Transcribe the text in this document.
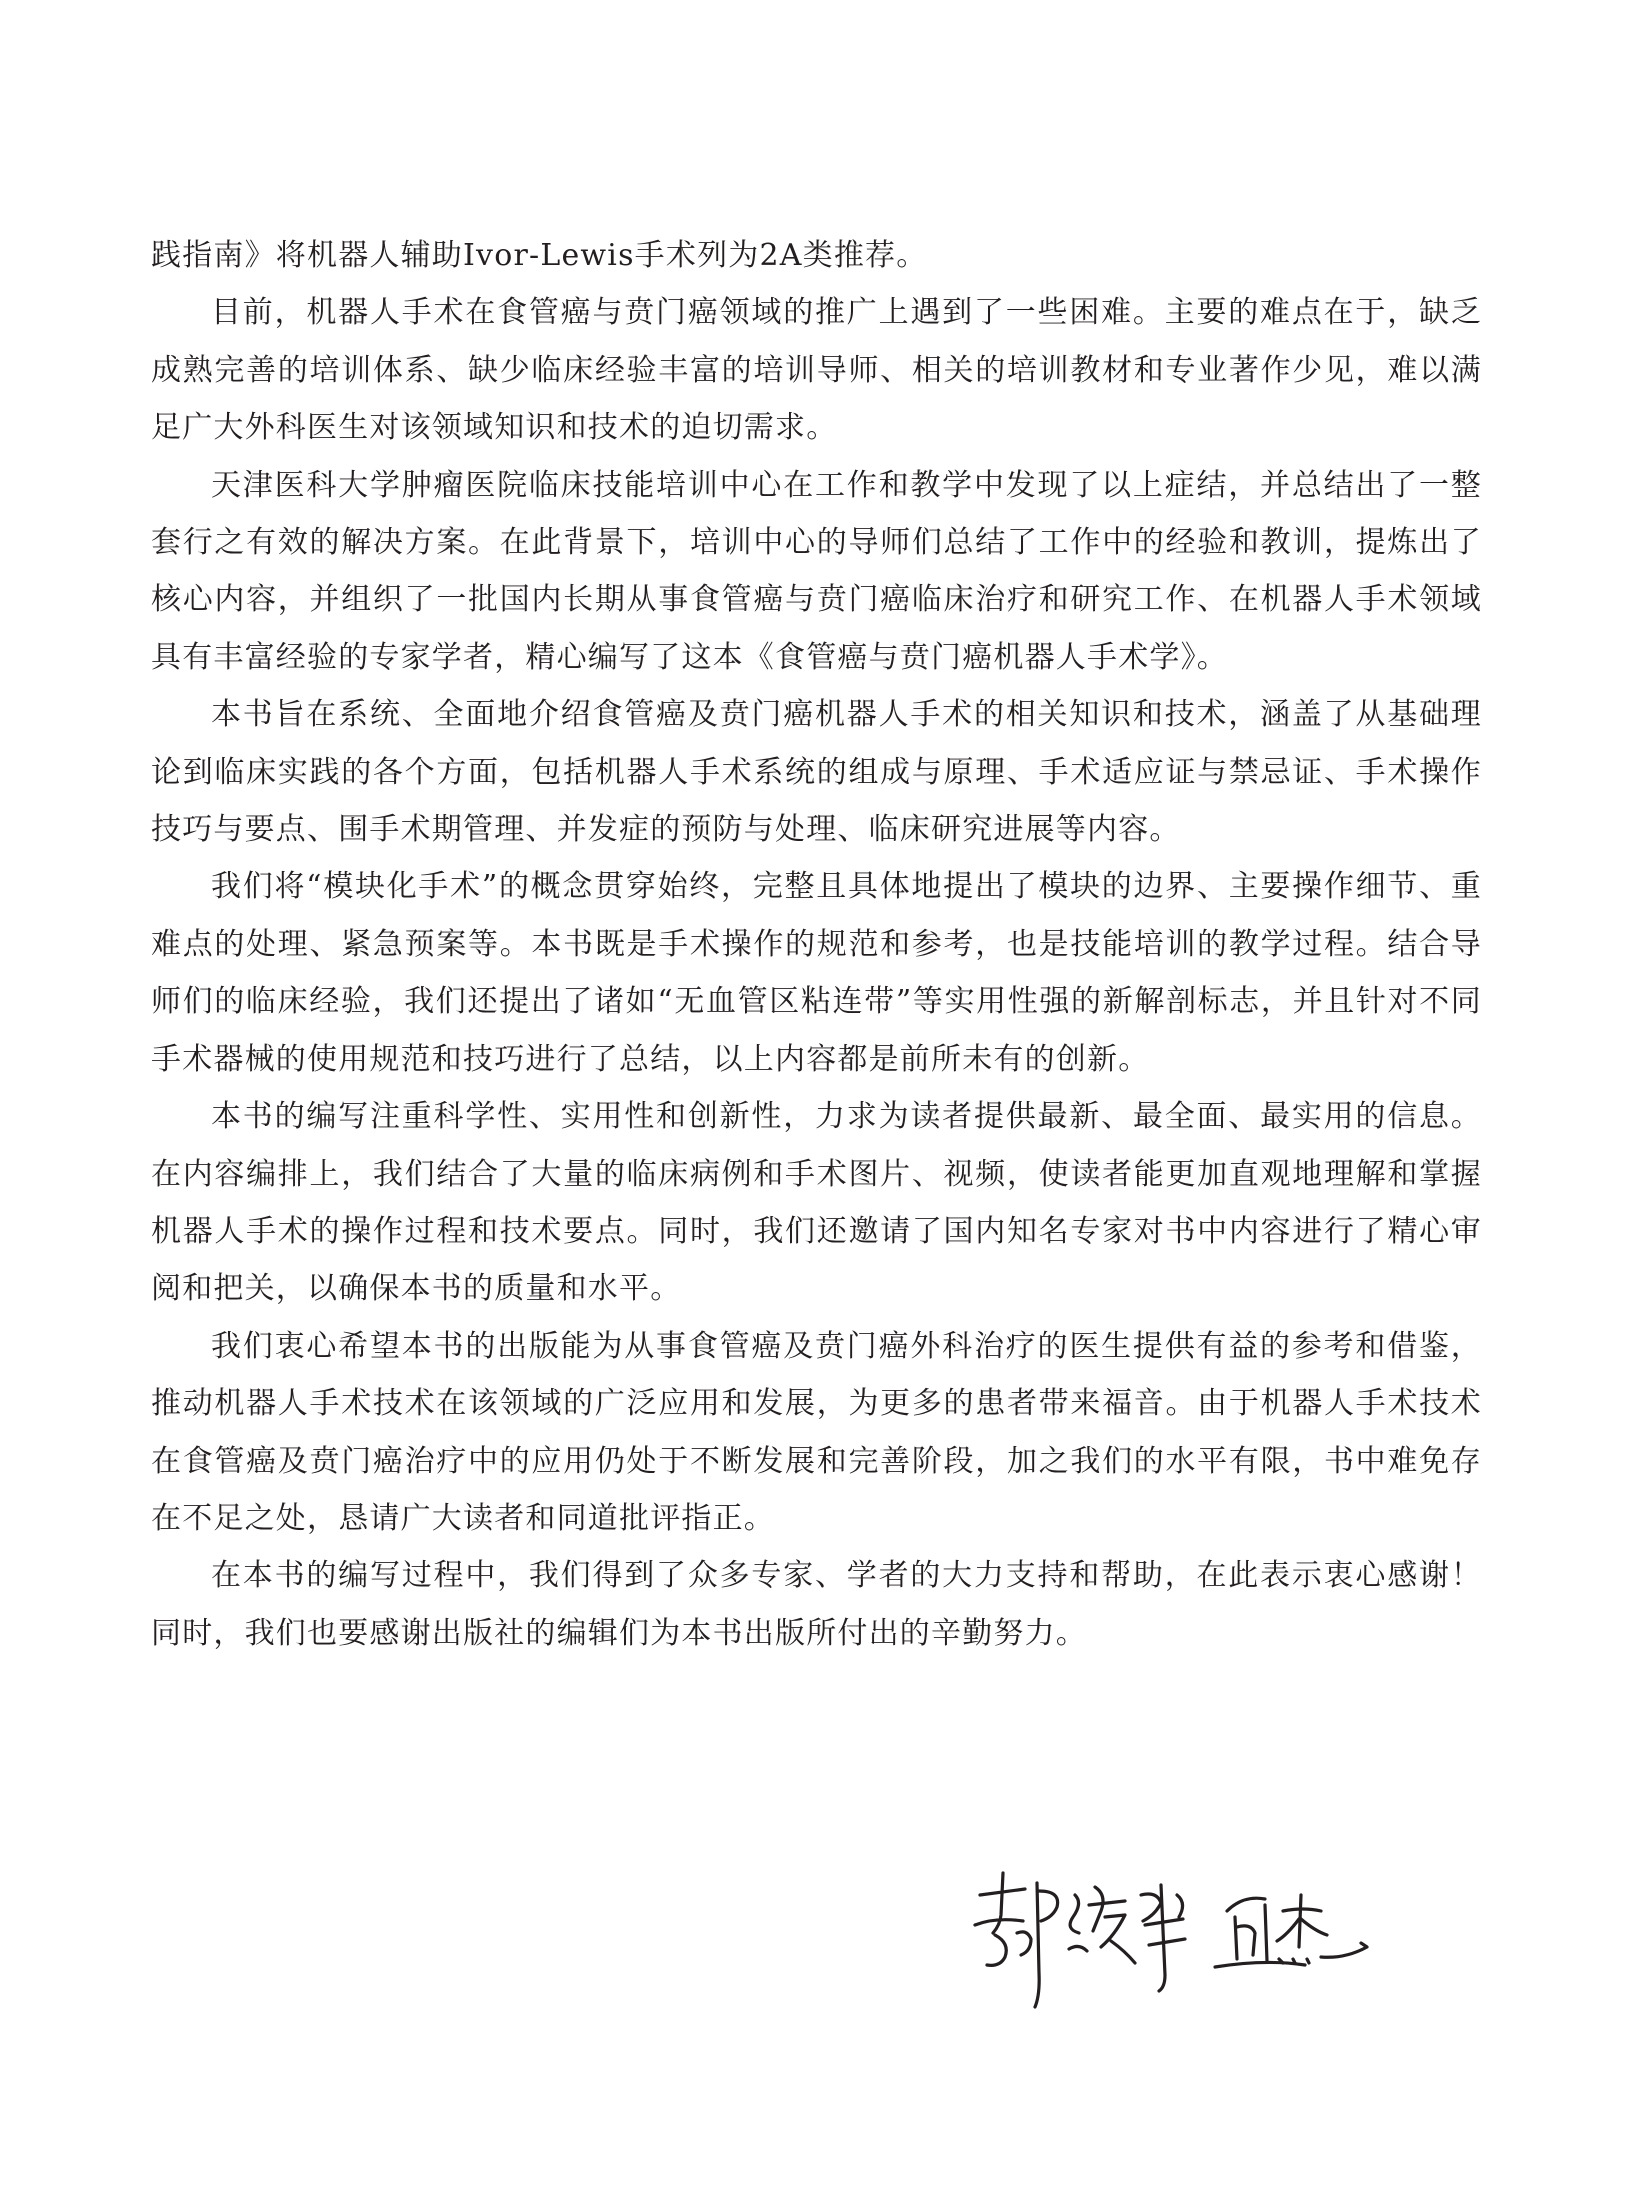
践指南》将机器人辅助Ivor-Lewis手术列为2A类推荐。

目前，机器人手术在食管癌与贲门癌领域的推广上遇到了一些困难。主要的难点在于，缺乏成熟完善的培训体系、缺少临床经验丰富的培训导师、相关的培训教材和专业著作少见，难以满足广大外科医生对该领域知识和技术的迫切需求。

天津医科大学肿瘤医院临床技能培训中心在工作和教学中发现了以上症结，并总结出了一整套行之有效的解决方案。在此背景下，培训中心的导师们总结了工作中的经验和教训，提炼出了核心内容，并组织了一批国内长期从事食管癌与贲门癌临床治疗和研究工作、在机器人手术领域具有丰富经验的专家学者，精心编写了这本《食管癌与贲门癌机器人手术学》。

本书旨在系统、全面地介绍食管癌及贲门癌机器人手术的相关知识和技术，涵盖了从基础理论到临床实践的各个方面，包括机器人手术系统的组成与原理、手术适应证与禁忌证、手术操作技巧与要点、围手术期管理、并发症的预防与处理、临床研究进展等内容。

我们将“模块化手术”的概念贯穿始终，完整且具体地提出了模块的边界、主要操作细节、重难点的处理、紧急预案等。本书既是手术操作的规范和参考，也是技能培训的教学过程。结合导师们的临床经验，我们还提出了诸如“无血管区粘连带”等实用性强的新解剖标志，并且针对不同手术器械的使用规范和技巧进行了总结，以上内容都是前所未有的创新。

本书的编写注重科学性、实用性和创新性，力求为读者提供最新、最全面、最实用的信息。在内容编排上，我们结合了大量的临床病例和手术图片、视频，使读者能更加直观地理解和掌握机器人手术的操作过程和技术要点。同时，我们还邀请了国内知名专家对书中内容进行了精心审阅和把关，以确保本书的质量和水平。

我们衷心希望本书的出版能为从事食管癌及贲门癌外科治疗的医生提供有益的参考和借鉴，推动机器人手术技术在该领域的广泛应用和发展，为更多的患者带来福音。由于机器人手术技术在食管癌及贲门癌治疗中的应用仍处于不断发展和完善阶段，加之我们的水平有限，书中难免存在不足之处，恳请广大读者和同道批评指正。

在本书的编写过程中，我们得到了众多专家、学者的大力支持和帮助，在此表示衷心感谢！同时，我们也要感谢出版社的编辑们为本书出版所付出的辛勤努力。
